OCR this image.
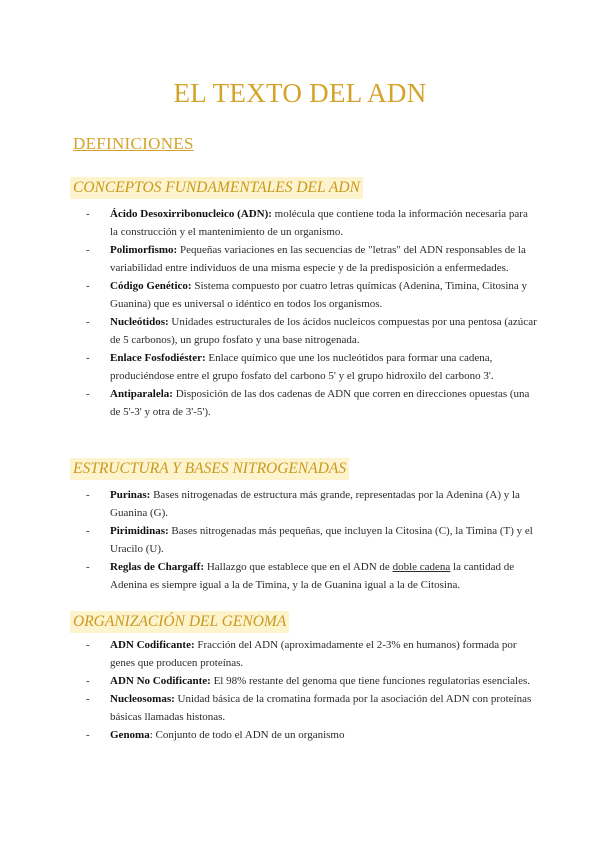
EL TEXTO DEL ADN
DEFINICIONES
CONCEPTOS FUNDAMENTALES DEL ADN
- Ácido Desoxirribonucleico (ADN): molécula que contiene toda la información necesaria para la construcción y el mantenimiento de un organismo.
- Polimorfismo: Pequeñas variaciones en las secuencias de "letras" del ADN responsables de la variabilidad entre individuos de una misma especie y de la predisposición a enfermedades.
- Código Genético: Sistema compuesto por cuatro letras químicas (Adenina, Timina, Citosina y Guanina) que es universal o idéntico en todos los organismos.
- Nucleótidos: Unidades estructurales de los ácidos nucleicos compuestas por una pentosa (azúcar de 5 carbonos), un grupo fosfato y una base nitrogenada.
- Enlace Fosfodiéster: Enlace químico que une los nucleótidos para formar una cadena, produciéndose entre el grupo fosfato del carbono 5' y el grupo hidroxilo del carbono 3'.
- Antiparalela: Disposición de las dos cadenas de ADN que corren en direcciones opuestas (una de 5'-3' y otra de 3'-5').
ESTRUCTURA Y BASES NITROGENADAS
- Purinas: Bases nitrogenadas de estructura más grande, representadas por la Adenina (A) y la Guanina (G).
- Pirimidinas: Bases nitrogenadas más pequeñas, que incluyen la Citosina (C), la Timina (T) y el Uracilo (U).
- Reglas de Chargaff: Hallazgo que establece que en el ADN de doble cadena la cantidad de Adenina es siempre igual a la de Timina, y la de Guanina igual a la de Citosina.
ORGANIZACIÓN DEL GENOMA
- ADN Codificante: Fracción del ADN (aproximadamente el 2-3% en humanos) formada por genes que producen proteínas.
- ADN No Codificante: El 98% restante del genoma que tiene funciones regulatorias esenciales.
- Nucleosomas: Unidad básica de la cromatina formada por la asociación del ADN con proteínas básicas llamadas histonas.
- Genoma: Conjunto de todo el ADN de un organismo
